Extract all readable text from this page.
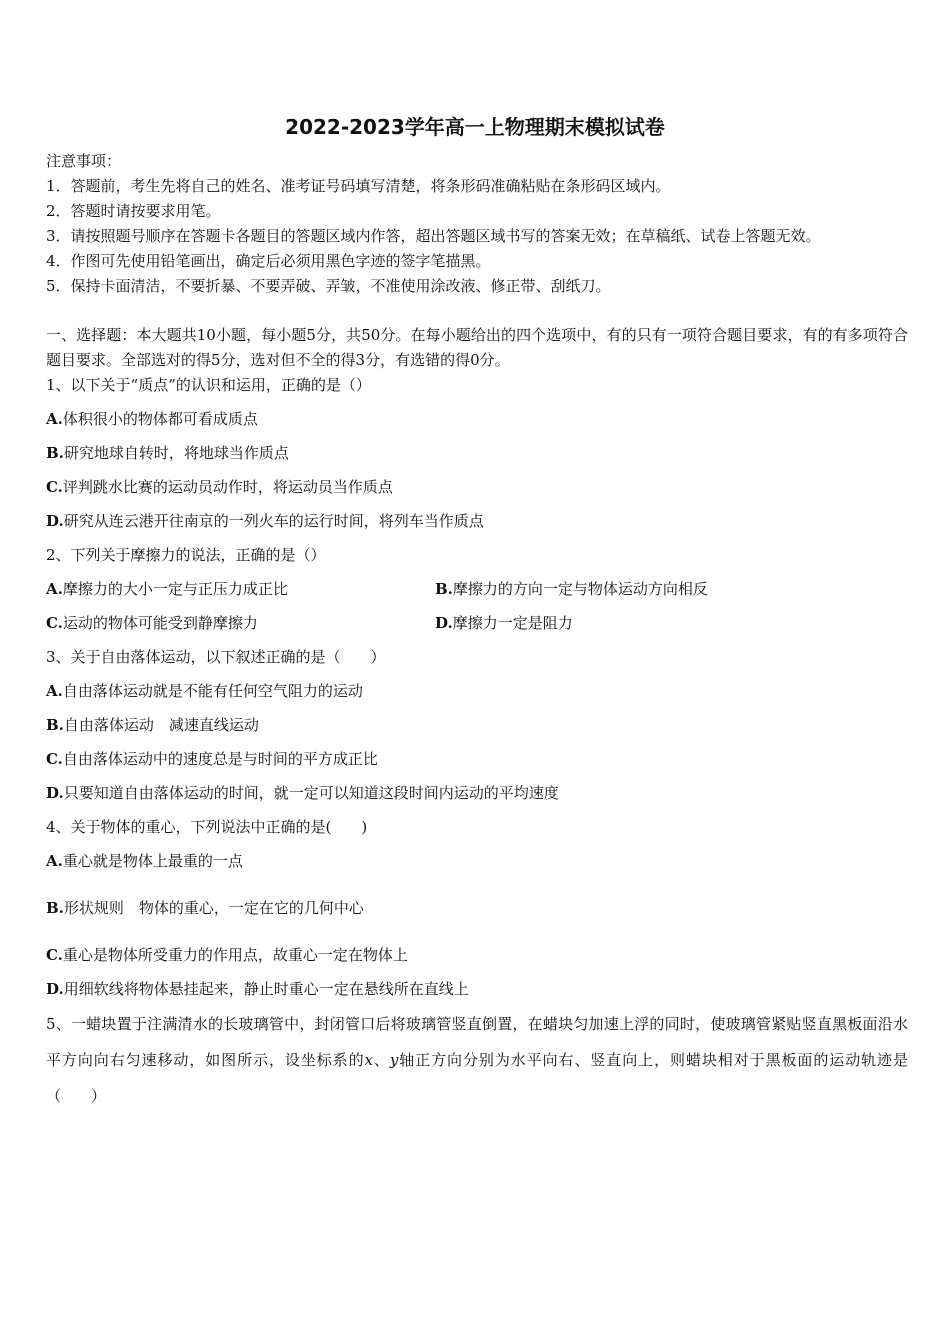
2022-2023学年高一上物理期末模拟试卷
注意事项：
1．答题前，考生先将自己的姓名、准考证号码填写清楚，将条形码准确粘贴在条形码区域内。
2．答题时请按要求用笔。
3．请按照题号顺序在答题卡各题目的答题区域内作答，超出答题区域书写的答案无效；在草稿纸、试卷上答题无效。
4．作图可先使用铅笔画出，确定后必须用黑色字迹的签字笔描黑。
5．保持卡面清洁，不要折暴、不要弄破、弄皱，不准使用涂改液、修正带、刮纸刀。
一、选择题：本大题共10小题，每小题5分，共50分。在每小题给出的四个选项中，有的只有一项符合题目要求，有的有多项符合题目要求。全部选对的得5分，选对但不全的得3分，有选错的得0分。
1、以下关于“质点”的认识和运用，正确的是（）
A.体积很小的物体都可看成质点
B.研究地球自转时，将地球当作质点
C.评判跳水比赛的运动员动作时，将运动员当作质点
D.研究从连云港开往南京的一列火车的运行时间，将列车当作质点
2、下列关于摩擦力的说法，正确的是（）
A.摩擦力的大小一定与正压力成正比	B.摩擦力的方向一定与物体运动方向相反
C.运动的物体可能受到静摩擦力	D.摩擦力一定是阻力
3、关于自由落体运动，以下叙述正确的是（　　）
A.自由落体运动就是不能有任何空气阻力的运动
B.自由落体运动　减速直线运动
C.自由落体运动中的速度总是与时间的平方成正比
D.只要知道自由落体运动的时间，就一定可以知道这段时间内运动的平均速度
4、关于物体的重心，下列说法中正确的是(　　)
A.重心就是物体上最重的一点
B.形状规则　物体的重心，一定在它的几何中心
C.重心是物体所受重力的作用点，故重心一定在物体上
D.用细软线将物体悬挂起来，静止时重心一定在悬线所在直线上
5、一蜡块置于注满清水的长玻璃管中，封闭管口后将玻璃管竖直倒置，在蜡块匀加速上浮的同时，使玻璃管紧贴竖直黑板面沿水平方向向右匀速移动，如图所示，设坐标系的x、y轴正方向分别为水平向右、竖直向上，则蜡块相对于黑板面的运动轨迹是（　　）
